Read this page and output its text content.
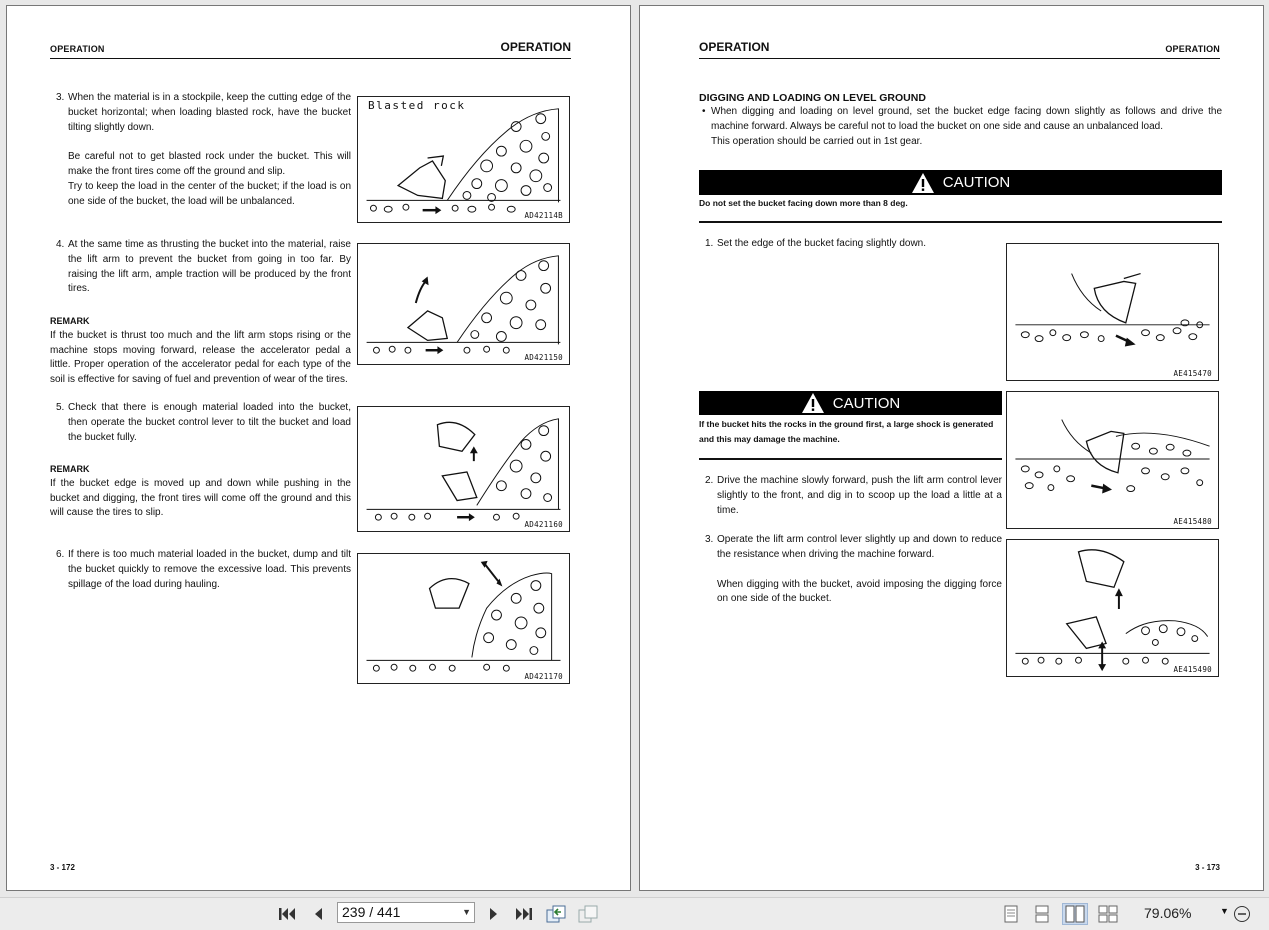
OPERATION	OPERATION
3. When the material is in a stockpile, keep the cutting edge of the bucket horizontal; when loading blasted rock, have the bucket tilting slightly down.

Be careful not to get blasted rock under the bucket. This will make the front tires come off the ground and slip.

Try to keep the load in the center of the bucket; if the load is on one side of the bucket, the load will be unbalanced.

4. At the same time as thrusting the bucket into the material, raise the lift arm to prevent the bucket from going in too far. By raising the lift arm, ample traction will be produced by the front tires.

REMARK

If the bucket is thrust too much and the lift arm stops rising or the machine stops moving forward, release the accelerator pedal a little. Proper operation of the accelerator pedal for each type of the soil is effective for saving of fuel and prevention of wear of the tires.

5. Check that there is enough material loaded into the bucket, then operate the bucket control lever to tilt the bucket and load the bucket fully.

REMARK

If the bucket edge is moved up and down while pushing in the bucket and digging, the front tires will come off the ground and this will cause the tires to slip.

6. If there is too much material loaded in the bucket, dump and tilt the bucket quickly to remove the excessive load. This prevents spillage of the load during hauling.

Blasted rock
AD42114B
AD421150
AD421160
AD421170
3 - 172
OPERATION	OPERATION
DIGGING AND LOADING ON LEVEL GROUND
• When digging and loading on level ground, set the bucket edge facing down slightly as follows and drive the machine forward. Always be careful not to load the bucket on one side and cause an unbalanced load.

This operation should be carried out in 1st gear.

CAUTION
Do not set the bucket facing down more than 8 deg.
1. Set the edge of the bucket facing slightly down.

CAUTION
If the bucket hits the rocks in the ground first, a large shock is generated and this may damage the machine.
2. Drive the machine slowly forward, push the lift arm control lever slightly to the front, and dig in to scoop up the load a little at a time.

3. Operate the lift arm control lever slightly up and down to reduce the resistance when driving the machine forward.

When digging with the bucket, avoid imposing the digging force on one side of the bucket.

AE415470
AE415480
AE415490
3 - 173
239 / 441	▼	79.06%	▼
